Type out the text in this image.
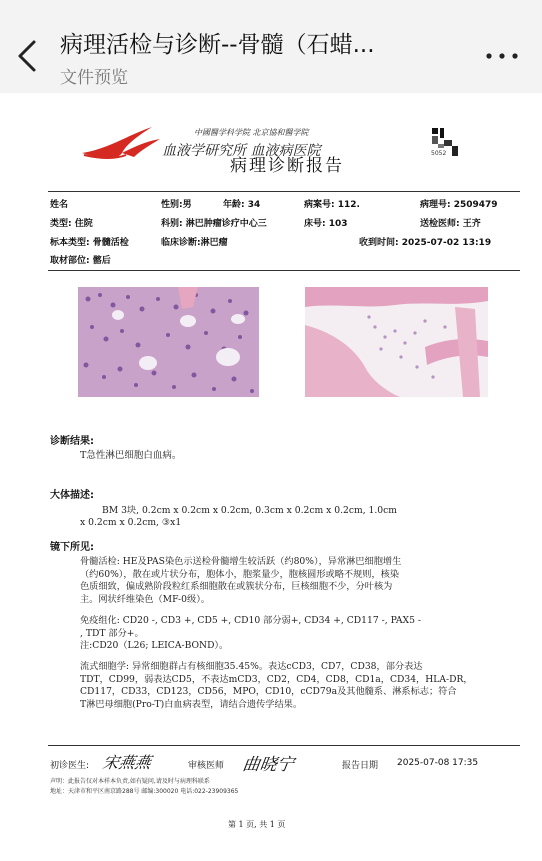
病理活检与诊断--骨髓（石蜡...
文件预览
中國醫学科学院 北京協和醫学院
血液学研究所 血液病医院
病理诊断报告
5052
姓名	性别:男	年龄: 34	病案号: 112.	病理号: 2509479
类型: 住院	科别: 淋巴肿瘤诊疗中心三	床号: 103	送检医师: 王齐
标本类型: 骨髓活检	临床诊断:淋巴瘤	收到时间: 2025-07-02 13:19
取材部位: 髂后
诊断结果:
T急性淋巴细胞白血病。
大体描述:
BM 3块, 0.2cm x 0.2cm x 0.2cm, 0.3cm x 0.2cm x 0.2cm, 1.0cm
x 0.2cm x 0.2cm, ③x1
镜下所见:
骨髓活检: HE及PAS染色示送检骨髓增生较活跃（约80%），异常淋巴细胞增生
（约60%），散在或片状分布，胞体小，胞浆量少，胞核圆形或略不规则，核染
色质细致，偏成熟阶段粒红系细胞散在或簇状分布，巨核细胞不少，分叶核为
主。网状纤维染色（MF-0级）。
免疫组化: CD20 -, CD3 +, CD5 +, CD10 部分弱+, CD34 +, CD117 -, PAX5 -
, TDT 部分+。
注:CD20（L26; LEICA-BOND）。
流式细胞学: 异常细胞群占有核细胞35.45%。表达cCD3，CD7，CD38，部分表达
TDT，CD99，弱表达CD5，不表达mCD3，CD2，CD4，CD8，CD1a，CD34，HLA-DR，
CD117，CD33，CD123，CD56，MPO，CD10，cCD79a及其他髓系、淋系标志；符合
T淋巴母细胞(Pro-T)白血病表型，请结合遗传学结果。
初诊医生: 宋燕燕	审核医师 曲晓宁	报告日期 2025-07-08 17:35
声明：此报告仅对本样本负责,如有疑问,请及时与病理科联系
地址：天津市和平区南京路288号 邮编:300020 电话:022-23909365
第 1 页, 共 1 页
